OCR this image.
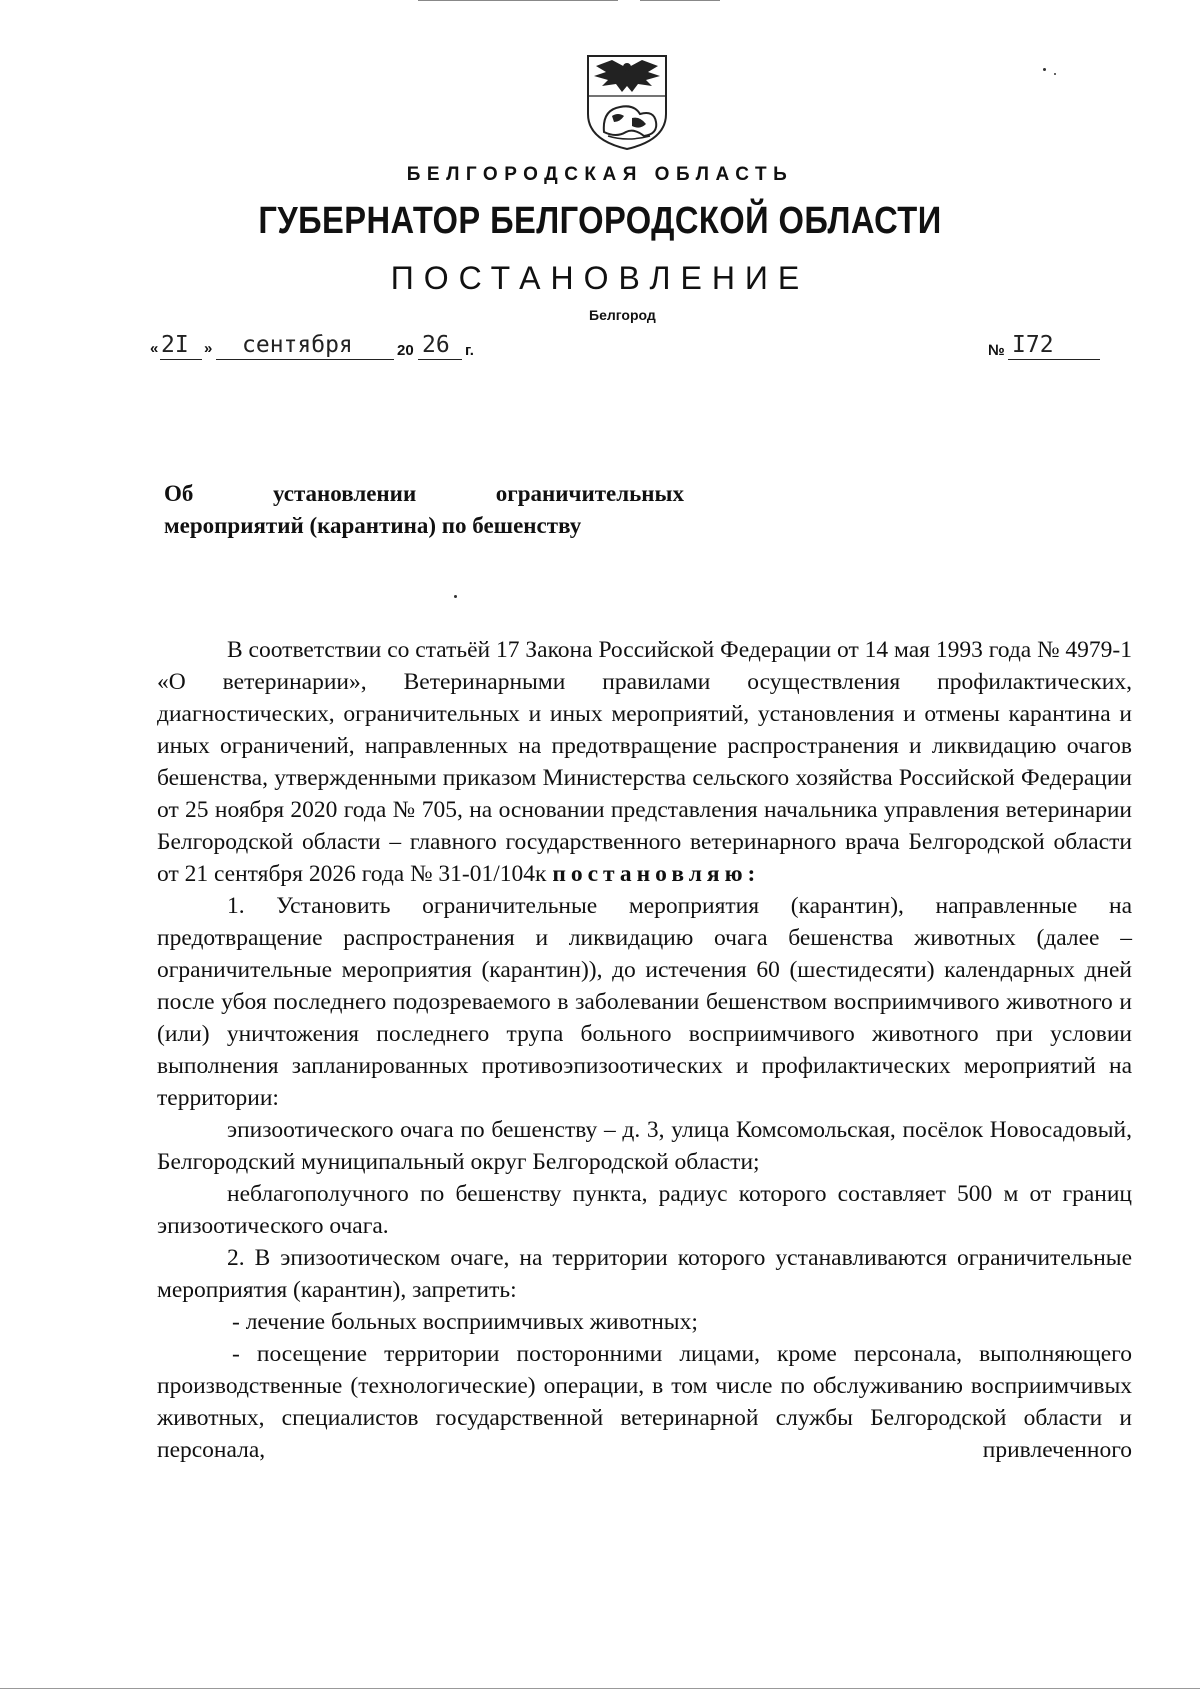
БЕЛГОРОДСКАЯ ОБЛАСТЬ
ГУБЕРНАТОР БЕЛГОРОДСКОЙ ОБЛАСТИ
ПОСТАНОВЛЕНИЕ
Белгород
« 2I » сентября	20 26 г.	№ I72
Об установлении ограничительных
мероприятий (карантина) по бешенству

В соответствии со статьёй 17 Закона Российской Федерации от 14 мая 1993 года № 4979-1 «О ветеринарии», Ветеринарными правилами осуществления профилактических, диагностических, ограничительных и иных мероприятий, установления и отмены карантина и иных ограничений, направленных на предотвращение распространения и ликвидацию очагов бешенства, утвержденными приказом Министерства сельского хозяйства Российской Федерации от 25 ноября 2020 года № 705, на основании представления начальника управления ветеринарии Белгородской области – главного государственного ветеринарного врача Белгородской области от 21 сентября 2026 года № 31-01/104к постановляю:

1. Установить ограничительные мероприятия (карантин), направленные на предотвращение распространения и ликвидацию очага бешенства животных (далее – ограничительные мероприятия (карантин)), до истечения 60 (шестидесяти) календарных дней после убоя последнего подозреваемого в заболевании бешенством восприимчивого животного и (или) уничтожения последнего трупа больного восприимчивого животного при условии выполнения запланированных противоэпизоотических и профилактических мероприятий на территории:

эпизоотического очага по бешенству – д. 3, улица Комсомольская, посёлок Новосадовый, Белгородский муниципальный округ Белгородской области;

неблагополучного по бешенству пункта, радиус которого составляет 500 м от границ эпизоотического очага.

2. В эпизоотическом очаге, на территории которого устанавливаются ограничительные мероприятия (карантин), запретить:

- лечение больных восприимчивых животных;

- посещение территории посторонними лицами, кроме персонала, выполняющего производственные (технологические) операции, в том числе по обслуживанию восприимчивых животных, специалистов государственной ветеринарной службы Белгородской области и персонала, привлеченного
